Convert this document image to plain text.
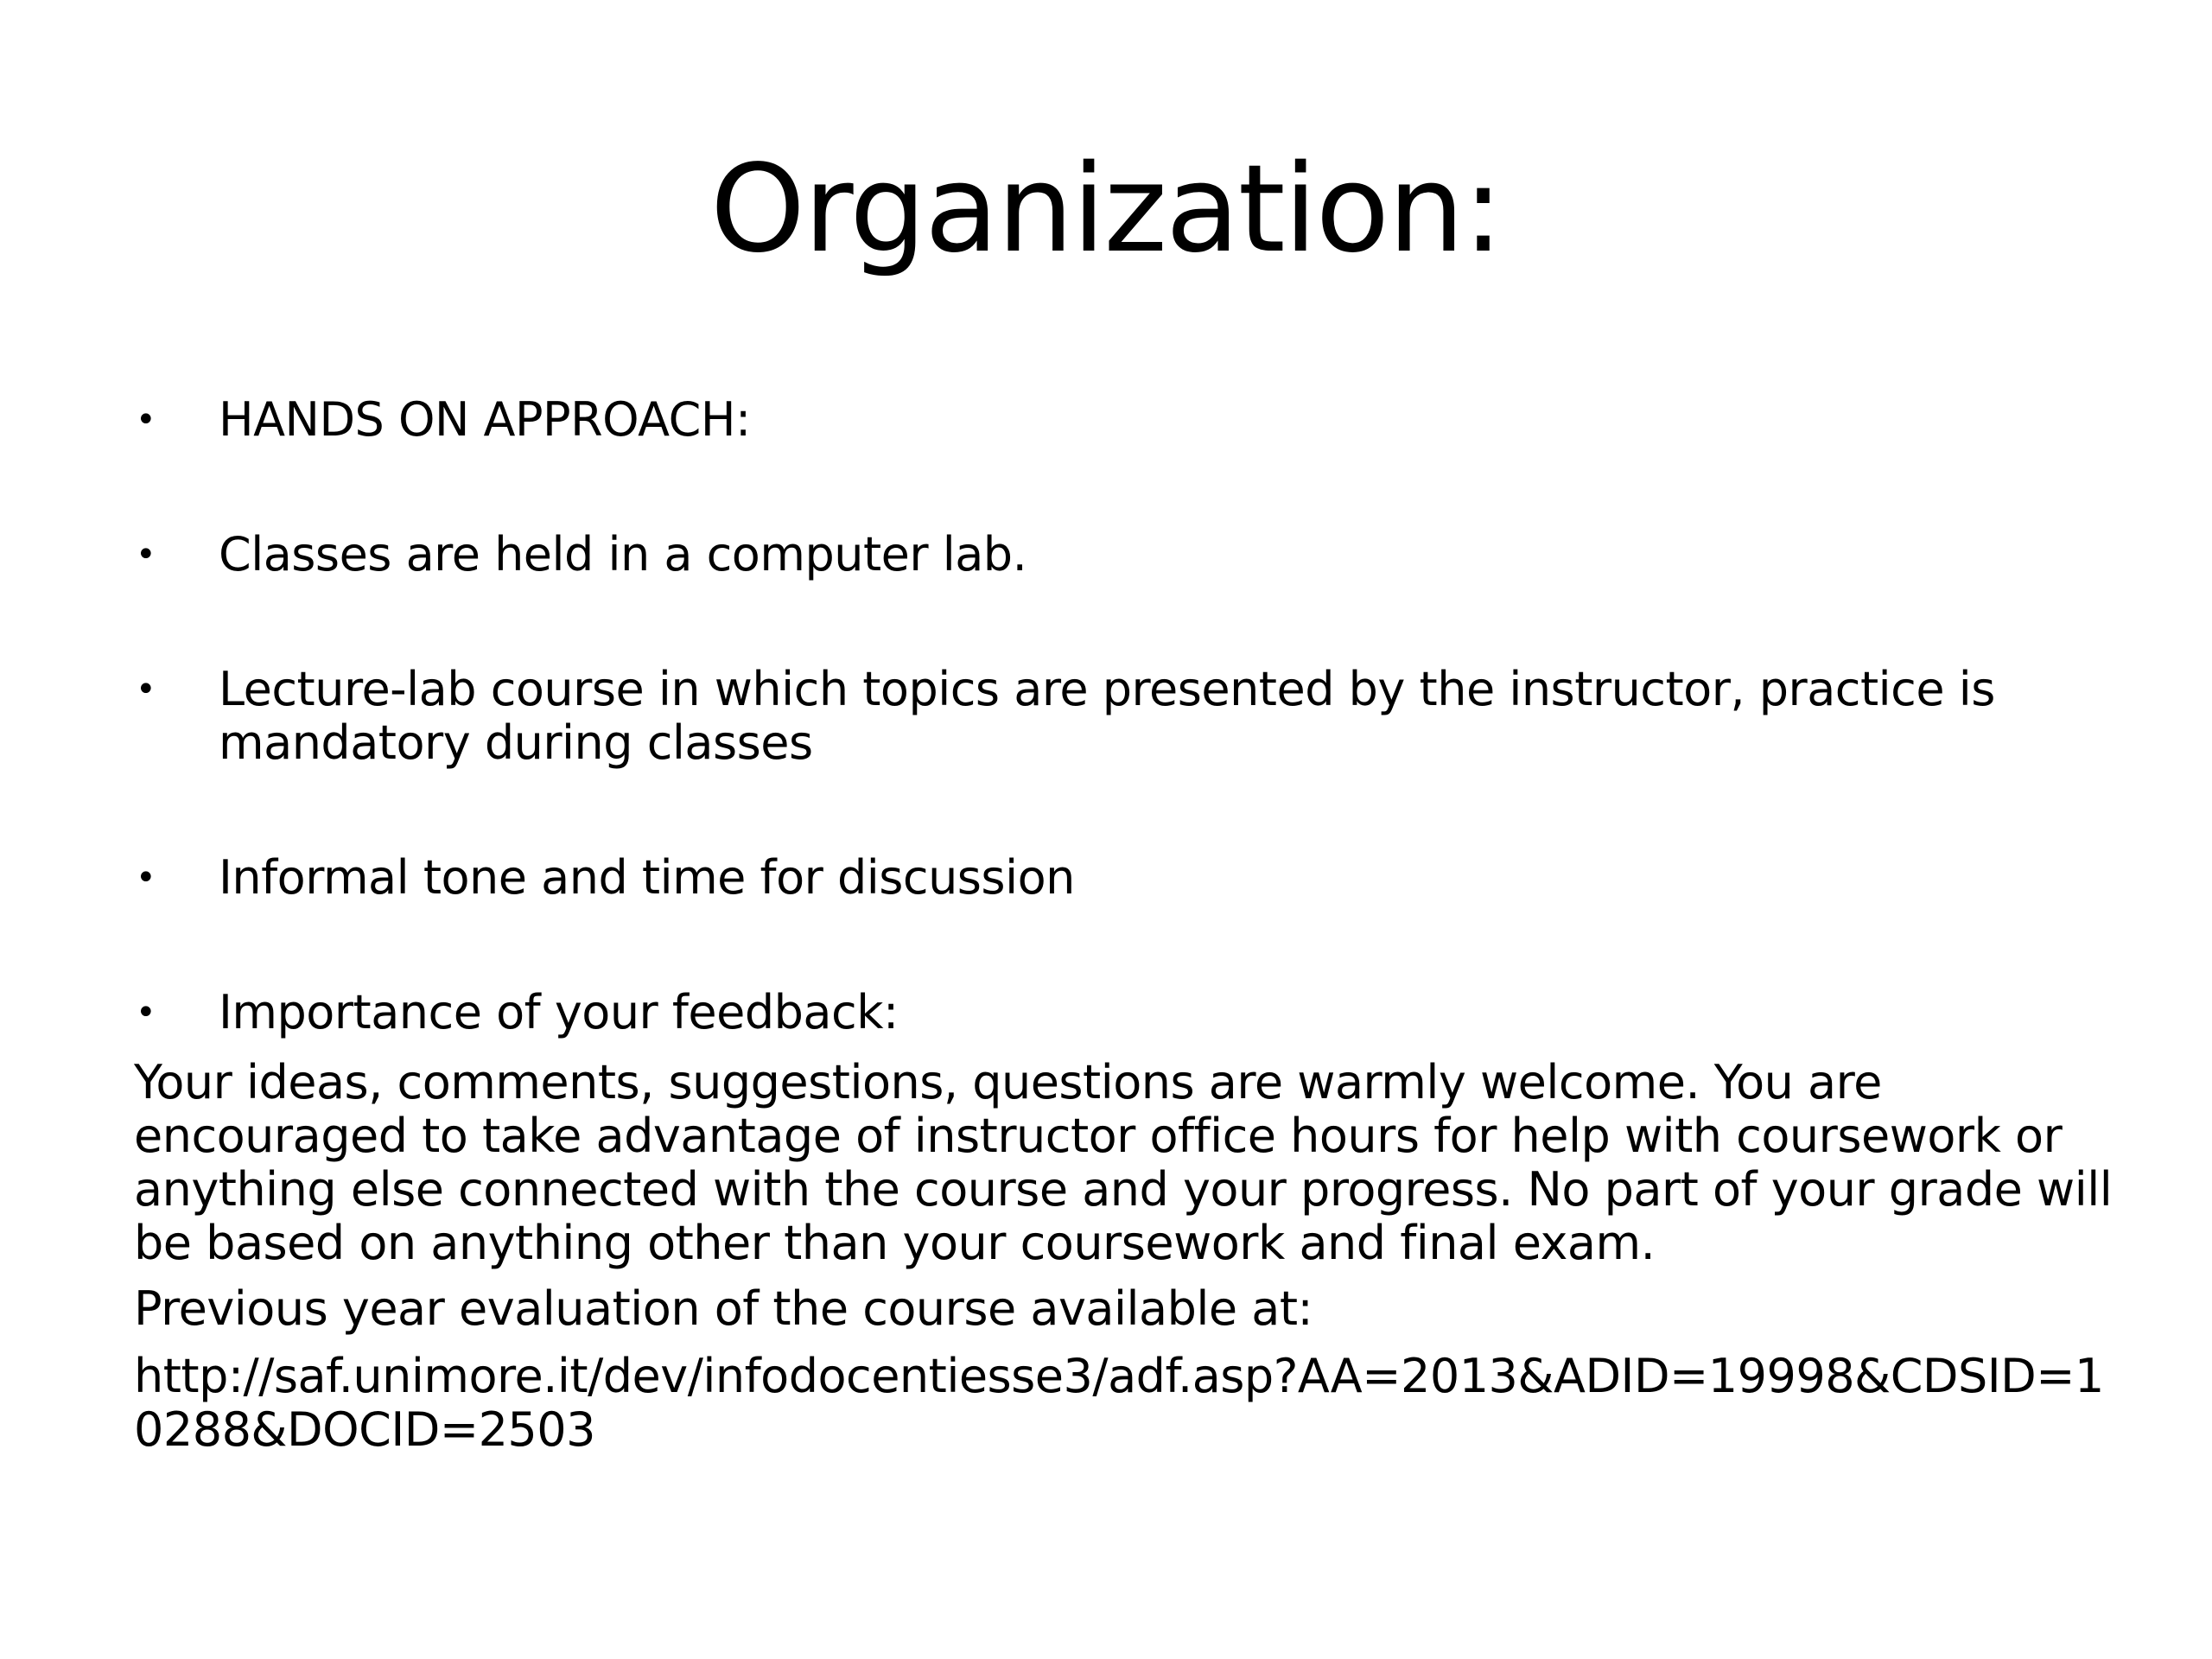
Organization:
•	HANDS ON APPROACH:
•	Classes are held in a computer lab.
•	Lecture-lab course in which topics are presented by the instructor, practice is mandatory during classes
•	Informal tone and time for discussion
•	Importance of your feedback:
Your ideas, comments, suggestions, questions are warmly welcome. You are encouraged to take advantage of instructor office hours for help with coursework or anything else connected with the course and your progress. No part of your grade will be based on anything other than your coursework and final exam.
Previous year evaluation of the course available at:
http://saf.unimore.it/dev/infodocentiesse3/adf.asp?AA=2013&ADID=19998&CDSID=10288&DOCID=2503
